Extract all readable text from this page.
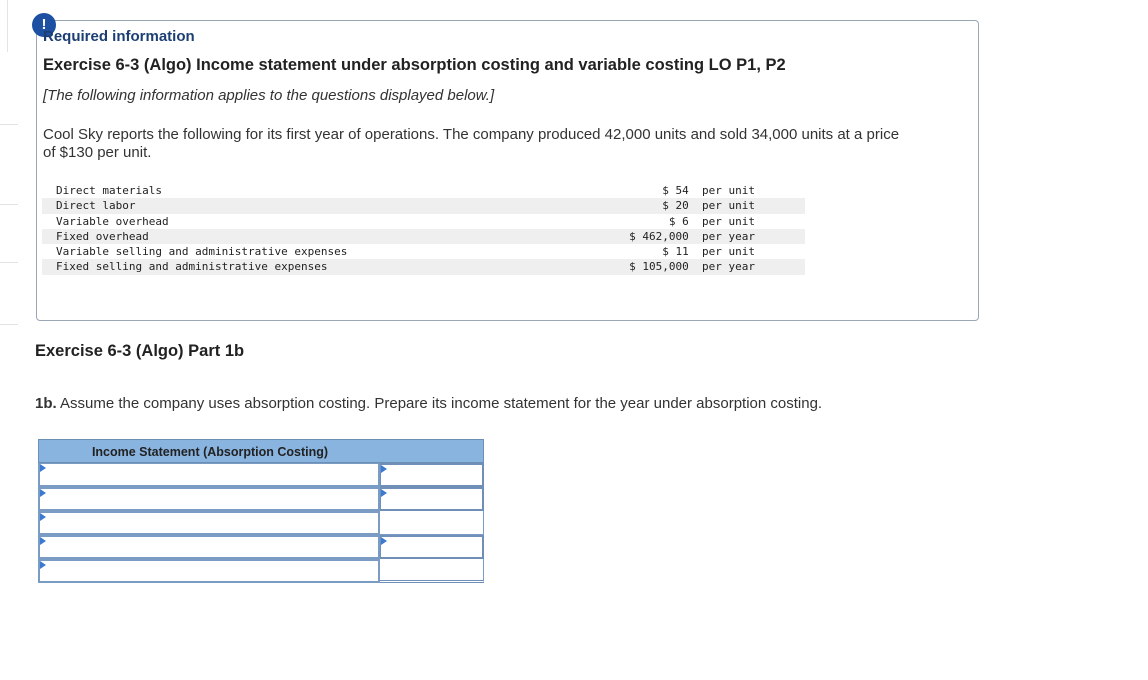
!
Required information
Exercise 6-3 (Algo) Income statement under absorption costing and variable costing LO P1, P2
[The following information applies to the questions displayed below.]
Cool Sky reports the following for its first year of operations. The company produced 42,000 units and sold 34,000 units at a price of $130 per unit.
Direct materials	$ 54  per unit
Direct labor	$ 20  per unit
Variable overhead	$ 6  per unit
Fixed overhead	$ 462,000  per year
Variable selling and administrative expenses	$ 11  per unit
Fixed selling and administrative expenses	$ 105,000  per year
Exercise 6-3 (Algo) Part 1b
1b. Assume the company uses absorption costing. Prepare its income statement for the year under absorption costing.
Income Statement (Absorption Costing)
